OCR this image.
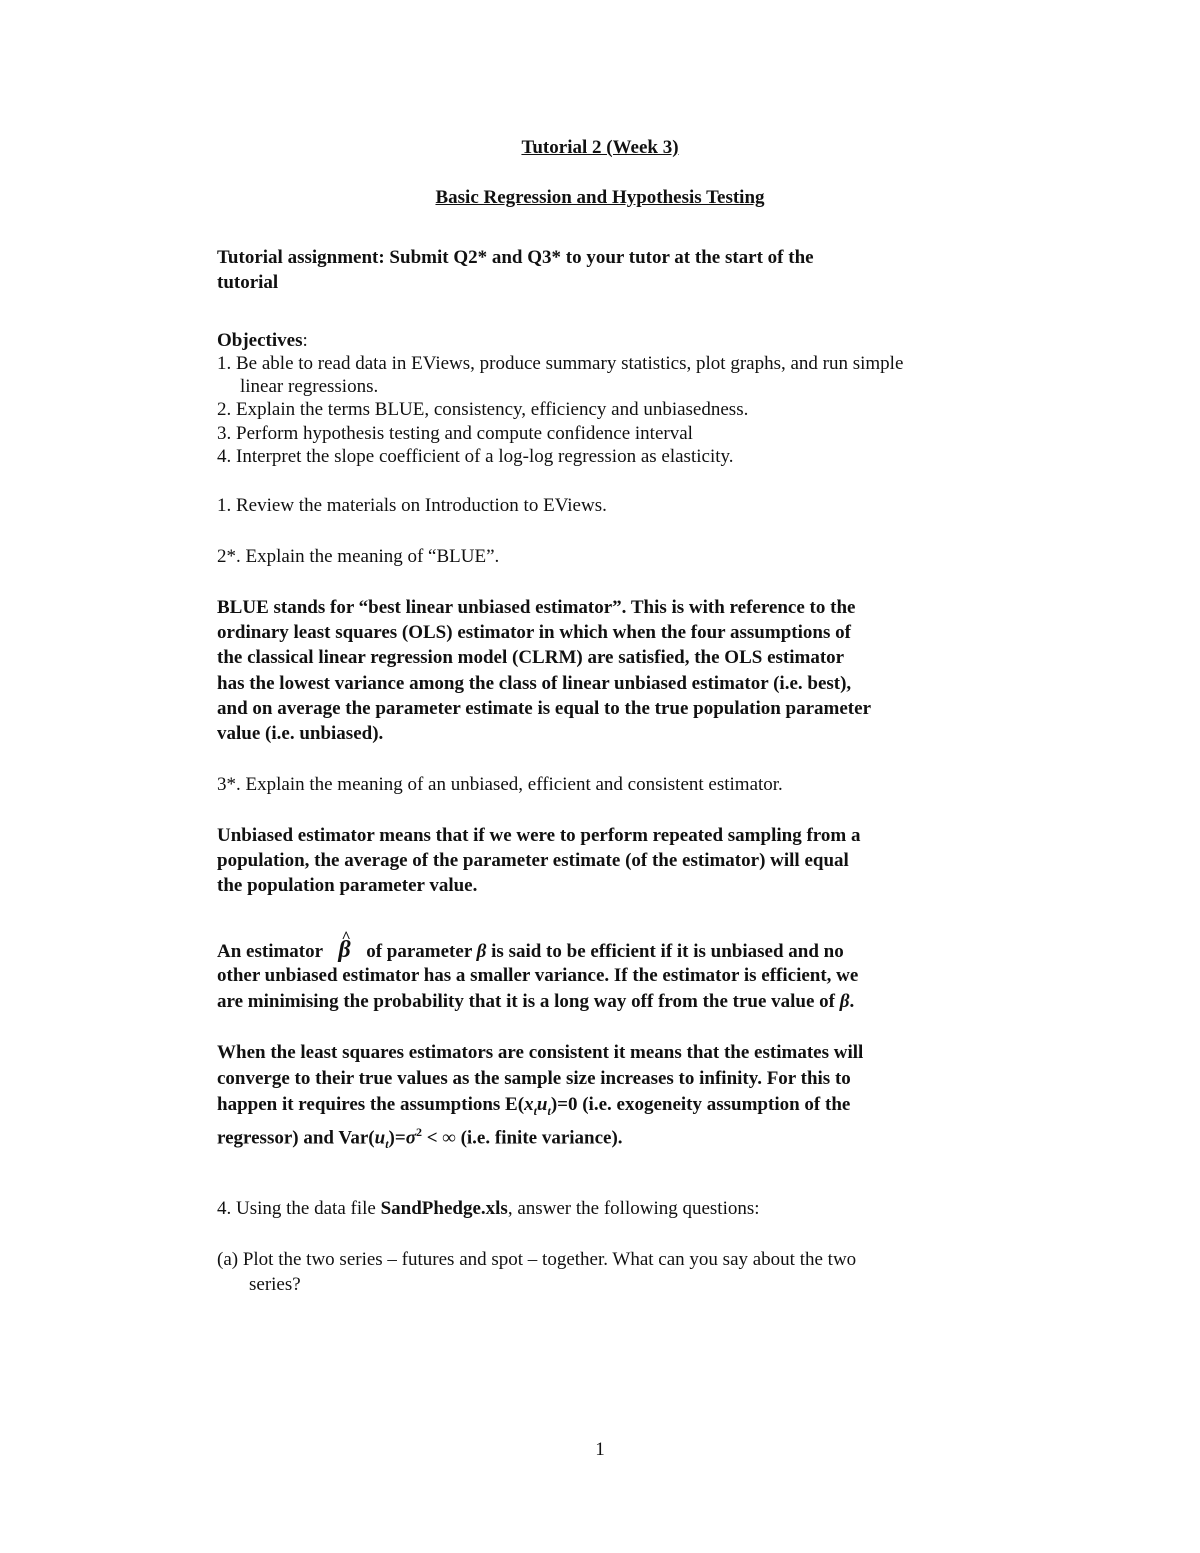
Tutorial 2 (Week 3)
Basic Regression and Hypothesis Testing
Tutorial assignment: Submit Q2* and Q3* to your tutor at the start of the
tutorial
Objectives:
1. Be able to read data in EViews, produce summary statistics, plot graphs, and run simple
linear regressions.
2. Explain the terms BLUE, consistency, efficiency and unbiasedness.
3. Perform hypothesis testing and compute confidence interval
4. Interpret the slope coefficient of a log-log regression as elasticity.
1. Review the materials on Introduction to EViews.
2*. Explain the meaning of “BLUE”.
BLUE stands for “best linear unbiased estimator”. This is with reference to the
ordinary least squares (OLS) estimator in which when the four assumptions of
the classical linear regression model (CLRM) are satisfied, the OLS estimator
has the lowest variance among the class of linear unbiased estimator (i.e. best),
and on average the parameter estimate is equal to the true population parameter
value (i.e. unbiased).
3*. Explain the meaning of an unbiased, efficient and consistent estimator.
Unbiased estimator means that if we were to perform repeated sampling from a
population, the average of the parameter estimate (of the estimator) will equal
the population parameter value.
An estimator ^ β of parameter β is said to be efficient if it is unbiased and no
other unbiased estimator has a smaller variance. If the estimator is efficient, we
are minimising the probability that it is a long way off from the true value of β.
When the least squares estimators are consistent it means that the estimates will
converge to their true values as the sample size increases to infinity. For this to
happen it requires the assumptions $E(x_tu_t)=0$ (i.e. exogeneity assumption of the
regressor) and $Var(u_t)=\sigma^2$ < ∞ (i.e. finite variance).
4. Using the data file SandPhedge.xls, answer the following questions:
(a) Plot the two series – futures and spot – together. What can you say about the two
series?
1
